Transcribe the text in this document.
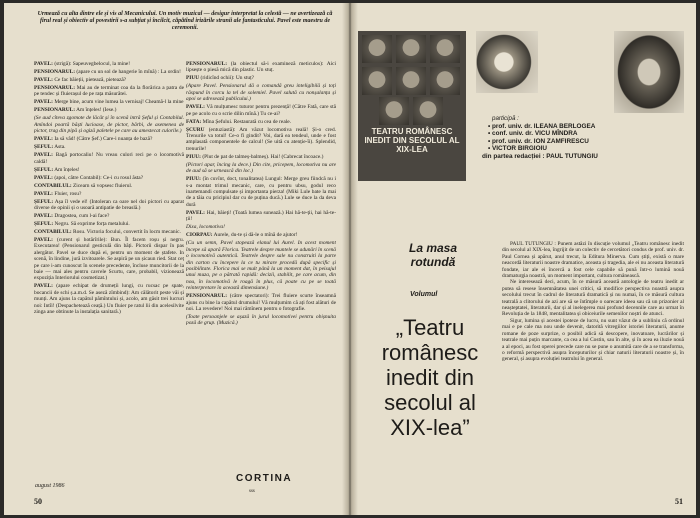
Urmează cu alta dintre ele și vis al Mecanicului. Un motiv muzical — desigur interpretat la celestă — ne avertizează că firul real și obiectiv al povestirii s-a subțiat și încilcit, căpătînd irizările stranii ale fantasticului. Pavel este maestru de ceremonii.

PAVEL: (strigă): Sapeuvegbelocul, la mine!

PENSIONARUL: (apare cu un sol de hangerie în mînă) : La ordin!

PAVEL: Ce fac băieții, pietează, pietează?

PENSIONARUL: Mai au de terminat coa da la florărica a patra de pe tendec și fluierașul de pe rața măsurătei.

PAVEL: Merge bine, acum vine lumea la vernisaj! Cheamă-l la mine

PENSIONARUL: Am înțeles! (Iese.)

(Se aud cîteva zgomote de lăcăt și în scenă intră Șeful și Contabilul. Amîndoi poartă băști lucioase, de pictor, bărbi, de asemenea de pictor, trag din pipă și ogiză paletele pe care au amestecat culorile.)

PAVEL: Ia să văd! (Către Șef.) Care-i nuanța de bază?

ȘEFUL: Asta.

PAVEL: Bagă portocaliu! Nu vreau culori reci pe o locomotivă caldă!

ȘEFUL: Am înțeles!

PAVEL: (apoi, către Contabil): Ce-i cu rosul ăsta?

CONTABILUL: Zicearn să vopsesc fluierul.

PAVEL: Fluier, rosu?

ȘEFUL: Așa îl vede el! (Intoleran ca oare nel doi pictori cu aparat diverse de opinii și o usoară antipatie de breaslă.)

PAVEL: Dragostea, cum l-ai face?

ȘEFUL: Negru. Să exprime forța metalului.

CONTABILUL: Rosu. Victoria focului, convertit în locm mecanic.

PAVEL: (curent și hotărîrile): Bun. Îl facem roșu și negru. Executarea! (Pensionarul gesticulă din băți. Pictorii dispar în pas alergător. Pavel se duce după ei, pentru un moment de ștafete. In scenă, în lindine, jură izvitoarele. Se aspiră pe un șicaun ried. Stat ceț pe care i-am cunoscut în scenele precedente, încluse muncitorii de la baie — mai ales pentru cavrele Scurtu, care, probabil, vizionează expoziția Interiorului cosmetizat.)

PAVEL: (apare echipat de drumeții lungi, cu rucsac pe spate, bocancii de schi ș.a.m.d. Se aseză zîmbind): Am călătorit peste văi și munți. Am ajuns la capătul pămîntului și, acolo, am găsit trei lucruri noi: Intîi! (Despachetează ceață.) Un fluier pe ratul lii din acelesilvite zinga ane obtinute la instalația sanitară.)

PENSIONARUL: (la obiectul să-i examineză meticulos): Aici lipsește o piesă mică din plastic. Un stuț.

PIUU (ridicînd ochii): Un stuț?

(Apare Pavel. Pensionarul dă o comandă greu inteligibilă și toți răspund în corcu la tel de solemiel. Pavel salută cu nonșalanța și apoi se adresează publicului.)

PAVEL: Vă mulțumesc tuturor pentru prezență! (Către Fată, care stă pe pe acolo cu o scrie dilin mînă.) Tu ce-ai?

FATA: Mîna Șefului. Restaurată cu cea de reale.

ȘCURU (entuziastă): Am văzut locomotiva reală! Și-o cred. Trenurile va totul! Ce-o fi gindit? Voi, dară ea tendeul, unde e fost amplasată componentele de calcul! (Se uită cu atenție-îi). Splendid, trenurile!

PIUU: (Plut de pat de talmeș-balmeș). Hai! (Cabrecat încoace.)

(Pictori apar, încing la dece.) Din cite, pricepem, locomotiva nu are de aud să se urnească din loc.)

PIUU: (în cuvînt, doct, tonalitatea) Lungul: Merge greu fiindcă nu i s-a montat trimul mecanic, care, cu pentru ubsu, godul reco inartemandi compulsate și importanta pierza! (Miki Lule bate la mai de a tăia cu pricipiul dar cu de puțina ducă.) Lule se duce la da deva dură

PAVEL: Hai, băieți! (Toată lumea sunează.) Hai hă-te-ții, hai hă-te-ții!

Dixa, locomotiva!

CIORPAU: Aurele, du-te și dă-le o mînă de ajutor!

(Cu un semn, Pavel stopează elanul lui Aurel. In acest moment începe să apară Florica. Teatrele despre muntele se adunări în scenă o locomotivă autentică. Teatrele despre sale nu construiti la parte din carton cu începere la ce tu mirare procedă după specific și posibilitate. Florica mai se mult până la un moment dat, în peisajul unui muza, pe o pătrată rapidă: decizii, stabilit, pe care acum, din nou, în locomotivă le roagă în plus, că poate cu pe se toată reinterpretare în această dimensiune.)

PENSIONARUL: (către spectatori): Trei fluiere scurte înseamnă ajuns cu bine la capătul drumului! Vă mulțumim că ați fost alături de noi. La revedere! Noi mai rămînem pentru o fotografie.

(Toate persoanjele se așază în jurul locomotivei pentru obișnuita poză de grup. (Muzică.)

CORTINA
sss
august 1986
50
TEATRU ROMÂNESC INEDIT DIN SECOLUL AL XIX-LEA
participă :
• prof. univ. dr. ILEANA BERLOGEA
• conf. univ. dr. VICU MÎNDRA
• prof. univ. dr. ION ZAMFIRESCU
• VICTOR BIRGIOIU
din partea redacției : PAUL TUTUNGIU
La masa rotundă
Volumul
„Teatru românesc inedit din secolul al XIX-lea”

PAUL TUTUNGIU : Punem astăzi în discuție volumul „Teatru românesc inedit din secolul al XIX-lea, îngrijit de un colectiv de cercetători condus de prof. univ. dr. Paul Cornea și apărut, anul trecut, la Editura Minerva. Cum știți, există o mare neacordă literaturii noastre dramatice, aceasta și tragedia, ale ei nu aceasta literatură fondate, iar ale ei încercă a fost cele capabile să pună într-o lumină nouă dramaturgia noastră, un moment important, cultura românească.

Ne interesează deci, acum, în ce măsură această antologie de teatru inedit ar putea să resese însemnătatea unei critici, să modifice perspectiva noastră asupra secolului trecut în cadrul de literatură dramatică și nu numai, în ce măsură cultura teatrală a clitorului de azi are să se întîmple o oarecare ideea sau că un prizonier al neașteptatei, literaturii, dar și al inelegerea mai profund decennile care au urmat în Revoluția de la 1848, mentalitatea și obiceiurile semenilor noștri de atunci.

Sigur, lumina și acestei ipoteze de lucru, nu sunt văzut de a subliniu că ordinul mai e pe cale ma nou unde devenit, datorită vitregiilor istoriei literaturii, anume romane de poze surprize, o posibil adică să descopere, inovatoare, lucrărilor și teatrale mai puțin marcante, ca cea a lui Costin, sau în alte, și în acea ea iluzie nouă a al epoci, au fost operei precede care nu se pune o anumită care de a se transforma, o reformă perspectivă asupra începuturilor și chiar naturii literaturii noastre și, în general, și asupra evoluției teatrului în general.

51
